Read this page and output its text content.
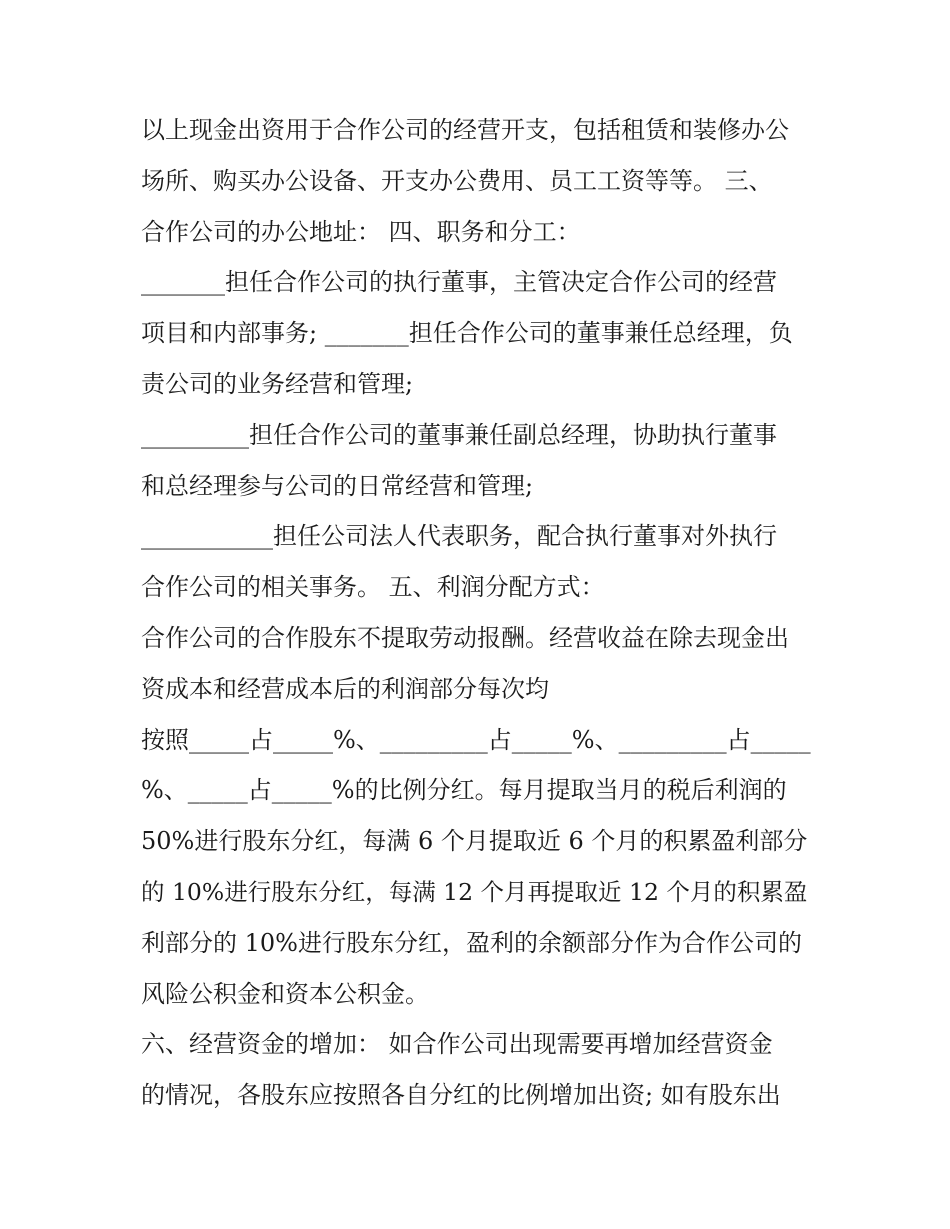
以上现金出资用于合作公司的经营开支，包括租赁和装修办公
场所、购买办公设备、开支办公费用、员工工资等等。 三、
合作公司的办公地址： 四、职务和分工：
_______担任合作公司的执行董事，主管决定合作公司的经营
项目和内部事务; _______担任合作公司的董事兼任总经理，负
责公司的业务经营和管理;
_________担任合作公司的董事兼任副总经理，协助执行董事
和总经理参与公司的日常经营和管理;
___________担任公司法人代表职务，配合执行董事对外执行
合作公司的相关事务。 五、利润分配方式：
合作公司的合作股东不提取劳动报酬。经营收益在除去现金出
资成本和经营成本后的利润部分每次均
按照_____占_____%、_________占_____%、_________占_____
%、_____占_____%的比例分红。每月提取当月的税后利润的
50%进行股东分红，每满 6 个月提取近 6 个月的积累盈利部分
的 10%进行股东分红，每满 12 个月再提取近 12 个月的积累盈
利部分的 10%进行股东分红，盈利的余额部分作为合作公司的
风险公积金和资本公积金。
六、经营资金的增加： 如合作公司出现需要再增加经营资金
的情况，各股东应按照各自分红的比例增加出资; 如有股东出
